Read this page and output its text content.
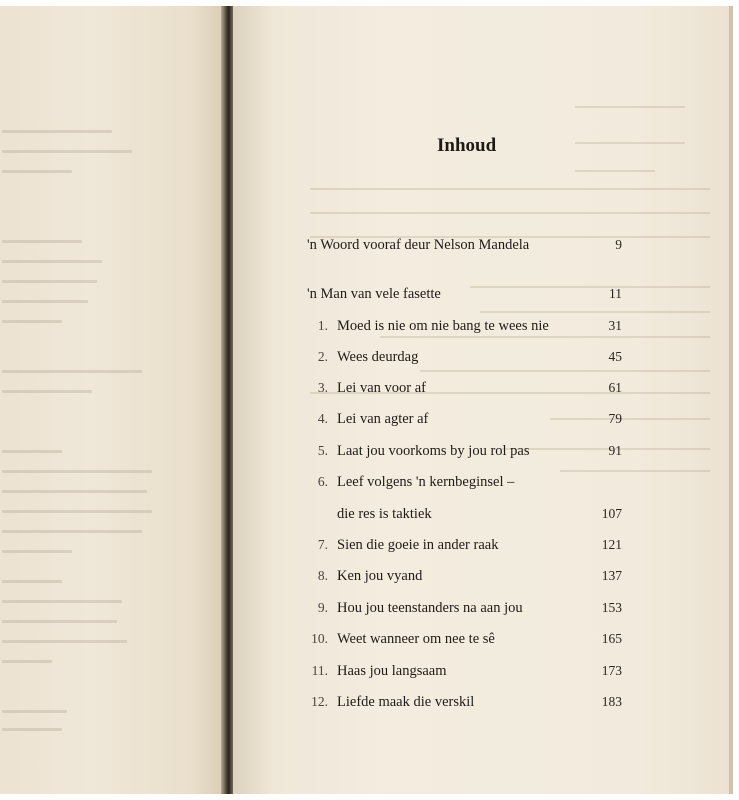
Inhoud
'n Woord vooraf deur Nelson Mandela	9
'n Man van vele fasette	11
1. Moed is nie om nie bang te wees nie	31
2. Wees deurdag	45
3. Lei van voor af	61
4. Lei van agter af	79
5. Laat jou voorkoms by jou rol pas	91
6. Leef volgens 'n kernbeginsel –
die res is taktiek	107
7. Sien die goeie in ander raak	121
8. Ken jou vyand	137
9. Hou jou teenstanders na aan jou	153
10. Weet wanneer om nee te sê	165
11. Haas jou langsaam	173
12. Liefde maak die verskil	183
